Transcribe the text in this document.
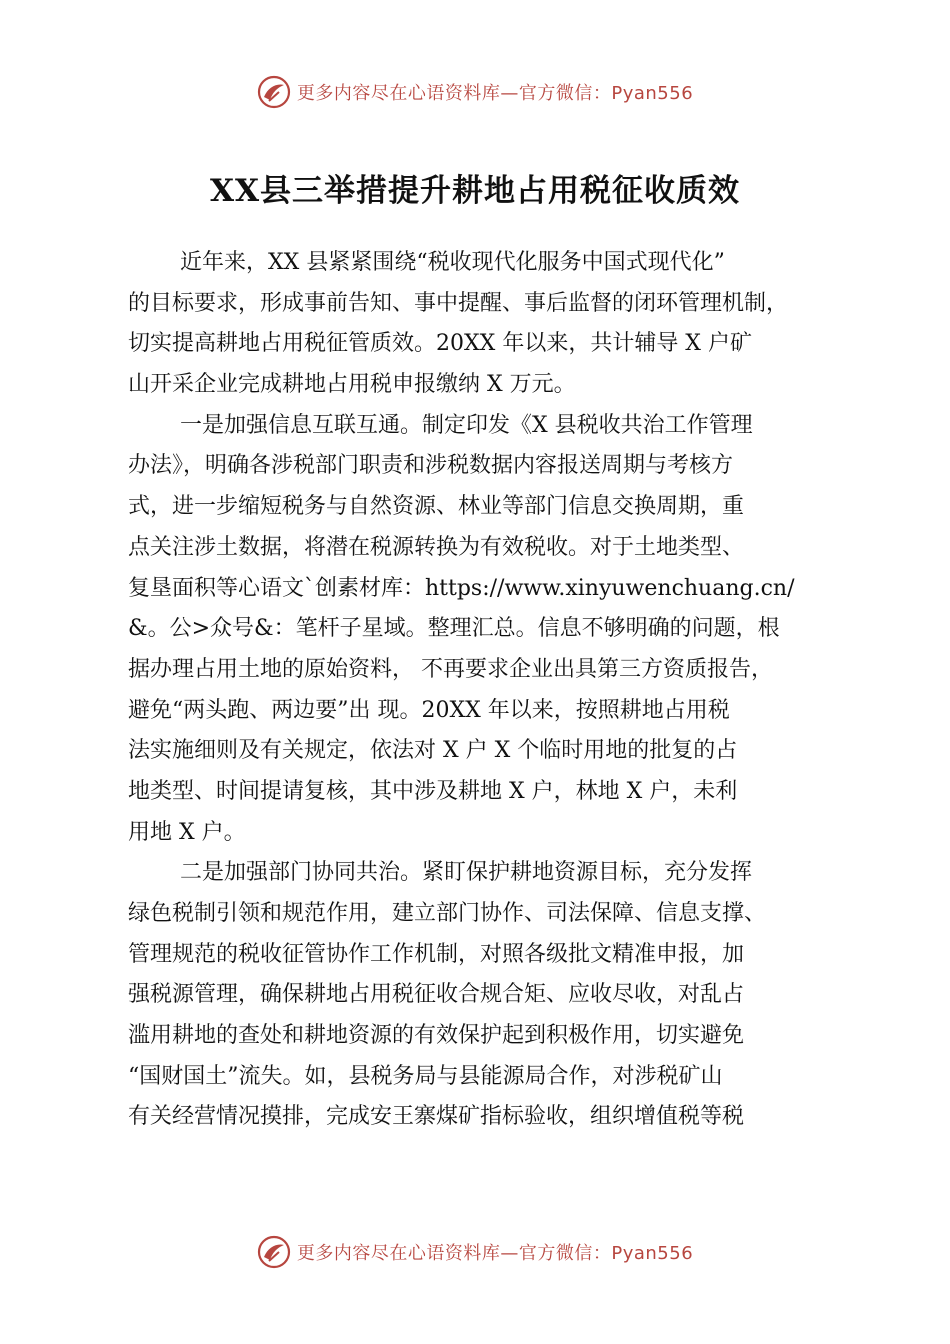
更多内容尽在心语资料库—官方微信：Pyan556
XX县三举措提升耕地占用税征收质效
近年来，XX 县紧紧围绕“税收现代化服务中国式现代化”
的目标要求，形成事前告知、事中提醒、事后监督的闭环管理机制，
切实提高耕地占用税征管质效。20XX 年以来，共计辅导 X 户矿
山开采企业完成耕地占用税申报缴纳 X 万元。
一是加强信息互联互通。制定印发《X 县税收共治工作管理
办法》，明确各涉税部门职责和涉税数据内容报送周期与考核方
式，进一步缩短税务与自然资源、林业等部门信息交换周期，重
点关注涉土数据，将潜在税源转换为有效税收。对于土地类型、
复垦面积等心语文`创素材库：https://www.xinyuwenchuang.cn/
&。公>众号&：笔杆子星域。整理汇总。信息不够明确的问题，根
据办理占用土地的原始资料， 不再要求企业出具第三方资质报告，
避免“两头跑、两边要”出 现。20XX 年以来，按照耕地占用税
法实施细则及有关规定，依法对 X 户 X 个临时用地的批复的占
地类型、时间提请复核，其中涉及耕地 X 户，林地 X 户，未利
用地 X 户。
二是加强部门协同共治。紧盯保护耕地资源目标，充分发挥
绿色税制引领和规范作用，建立部门协作、司法保障、信息支撑、
管理规范的税收征管协作工作机制，对照各级批文精准申报，加
强税源管理，确保耕地占用税征收合规合矩、应收尽收，对乱占
滥用耕地的查处和耕地资源的有效保护起到积极作用，切实避免
“国财国土”流失。如，县税务局与县能源局合作，对涉税矿山
有关经营情况摸排，完成安王寨煤矿指标验收，组织增值税等税
更多内容尽在心语资料库—官方微信：Pyan556
